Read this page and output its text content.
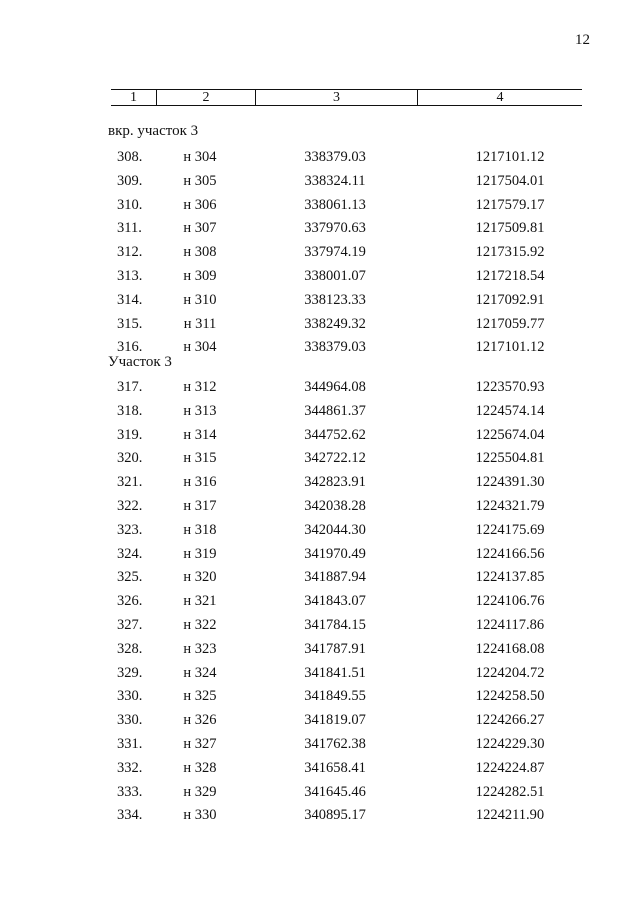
12
1	2	3	4
вкр. участок 3
308.	н 304	338379.03	1217101.12
309.	н 305	338324.11	1217504.01
310.	н 306	338061.13	1217579.17
311.	н 307	337970.63	1217509.81
312.	н 308	337974.19	1217315.92
313.	н 309	338001.07	1217218.54
314.	н 310	338123.33	1217092.91
315.	н 311	338249.32	1217059.77
316.	н 304	338379.03	1217101.12
Участок 3
317.	н 312	344964.08	1223570.93
318.	н 313	344861.37	1224574.14
319.	н 314	344752.62	1225674.04
320.	н 315	342722.12	1225504.81
321.	н 316	342823.91	1224391.30
322.	н 317	342038.28	1224321.79
323.	н 318	342044.30	1224175.69
324.	н 319	341970.49	1224166.56
325.	н 320	341887.94	1224137.85
326.	н 321	341843.07	1224106.76
327.	н 322	341784.15	1224117.86
328.	н 323	341787.91	1224168.08
329.	н 324	341841.51	1224204.72
330.	н 325	341849.55	1224258.50
330.	н 326	341819.07	1224266.27
331.	н 327	341762.38	1224229.30
332.	н 328	341658.41	1224224.87
333.	н 329	341645.46	1224282.51
334.	н 330	340895.17	1224211.90
